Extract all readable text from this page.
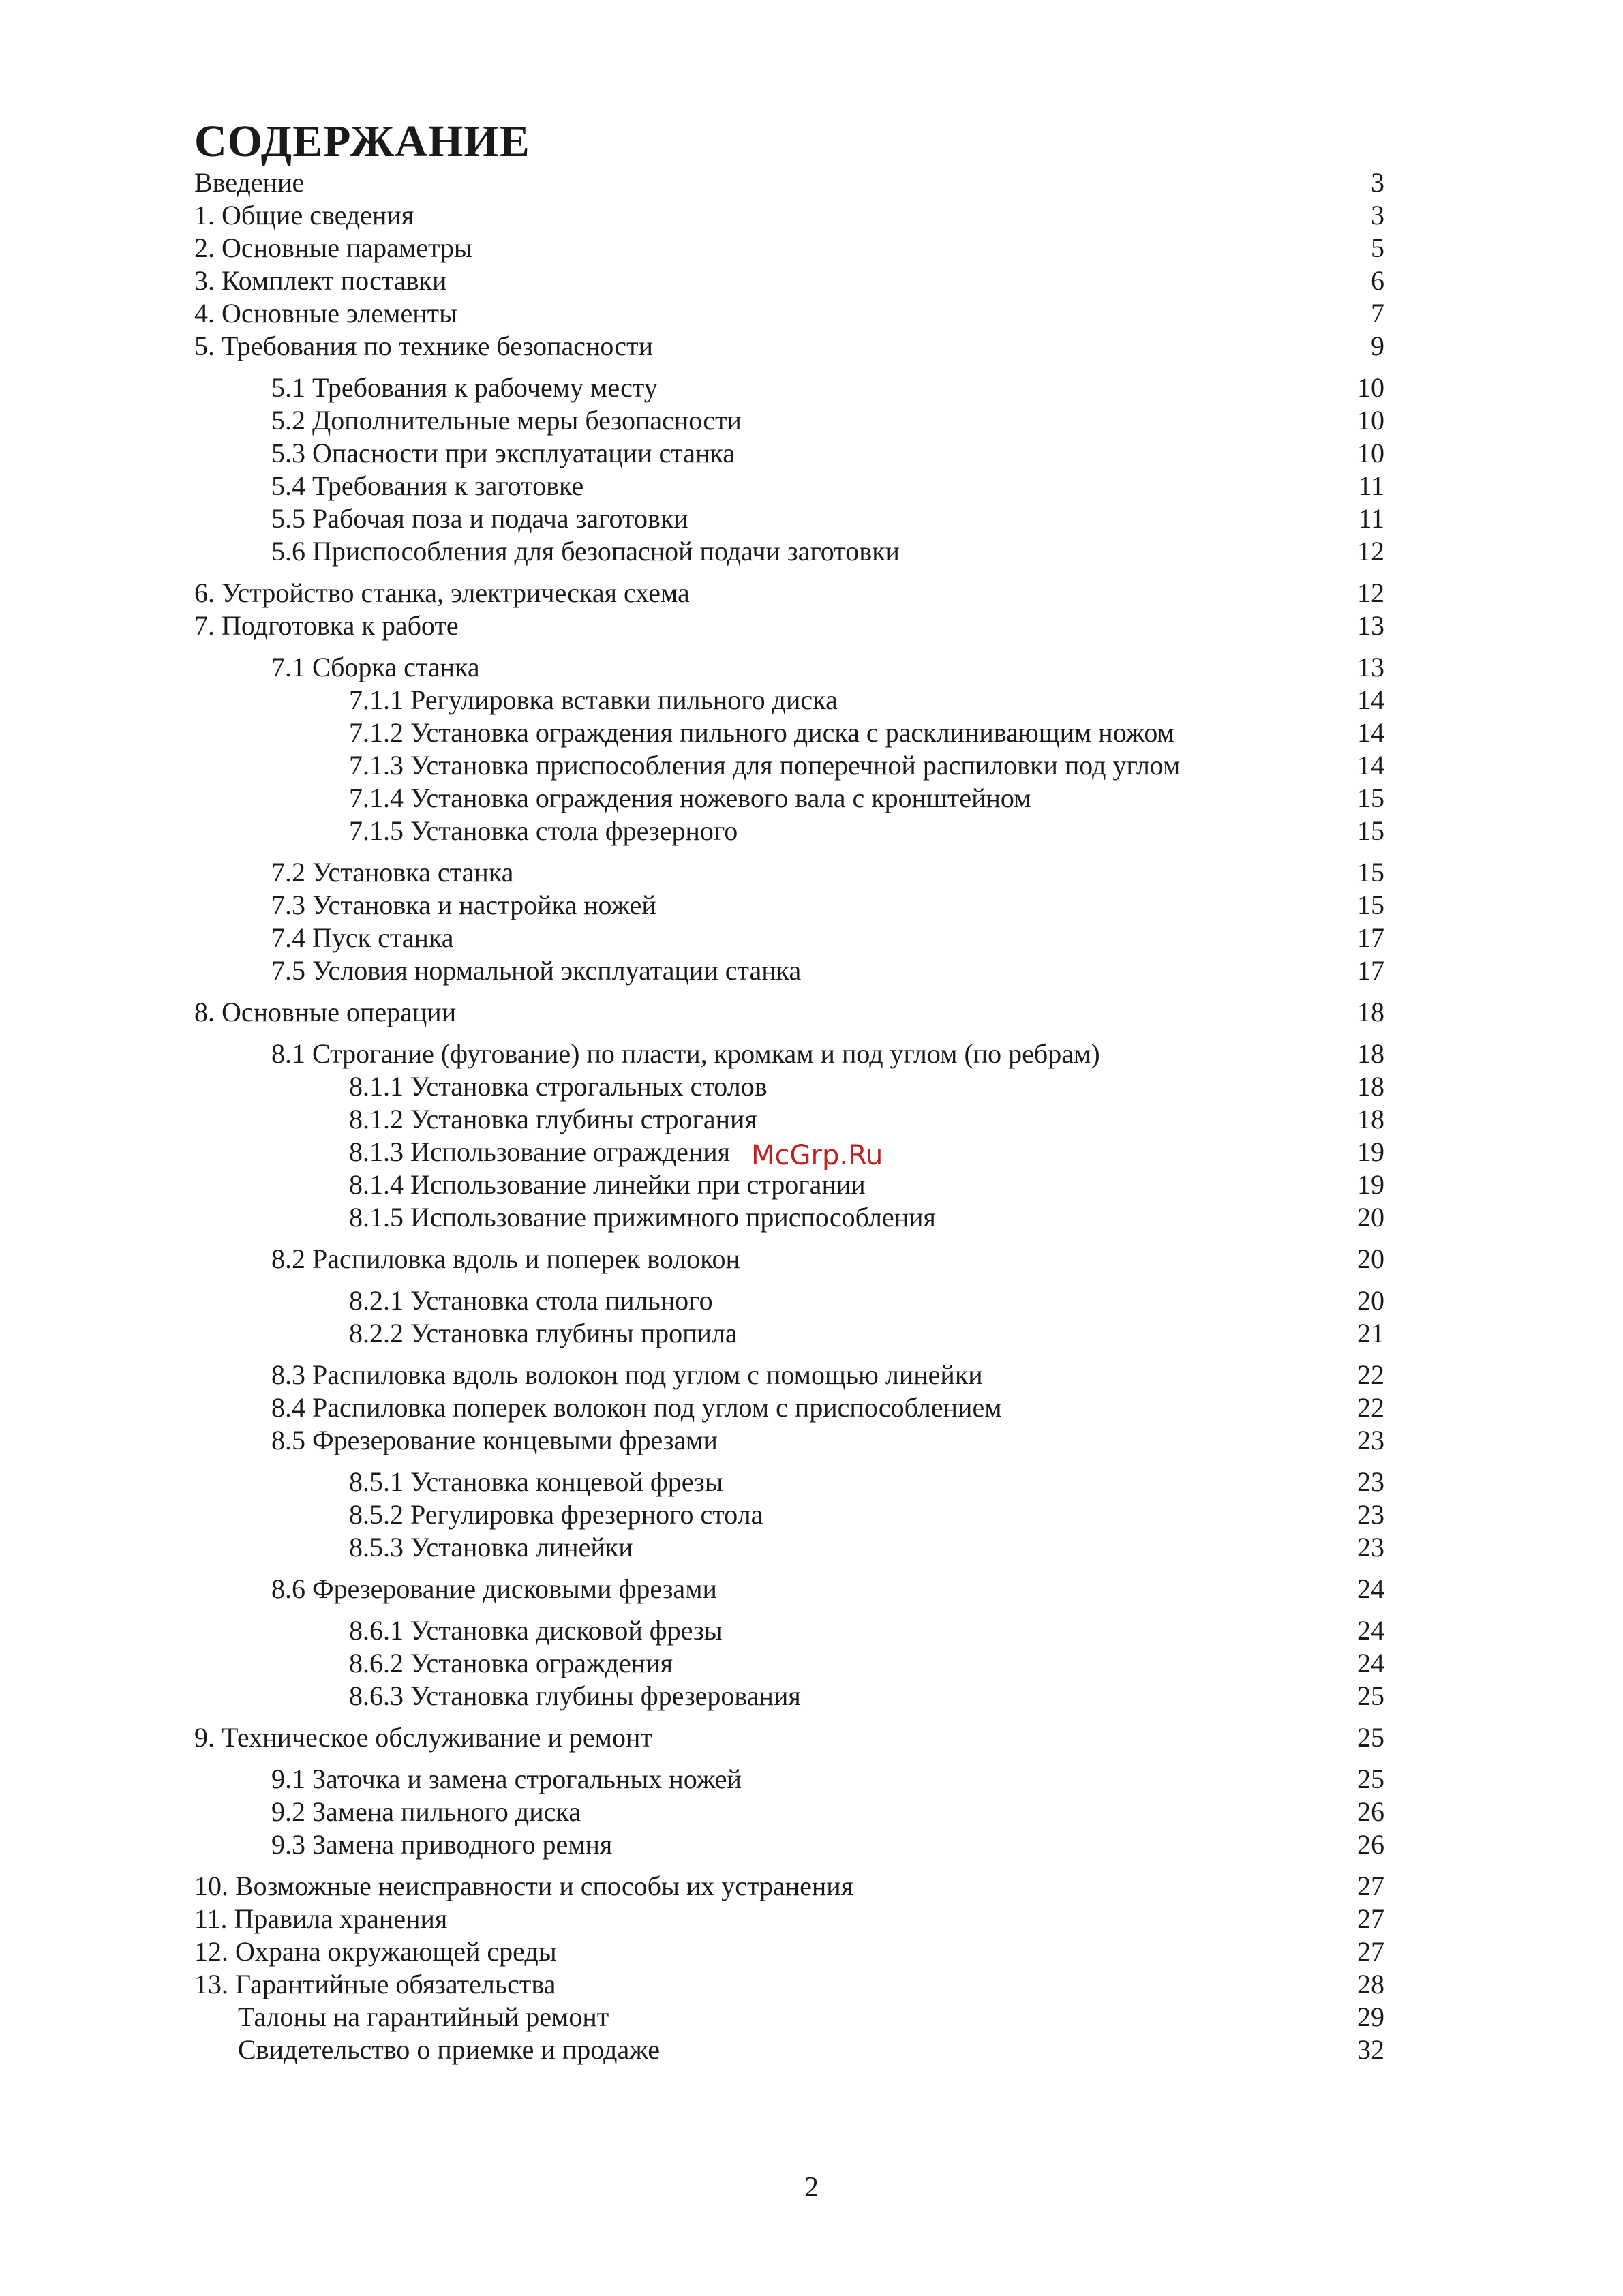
СОДЕРЖАНИЕ
Введение	3
1. Общие сведения	3
2. Основные параметры	5
3. Комплект поставки	6
4. Основные элементы	7
5. Требования по технике безопасности	9
5.1 Требования к рабочему месту	10
5.2 Дополнительные меры безопасности	10
5.3 Опасности при эксплуатации станка	10
5.4 Требования к заготовке	11
5.5 Рабочая поза и подача заготовки	11
5.6 Приспособления для безопасной подачи заготовки	12
6. Устройство станка, электрическая схема	12
7. Подготовка к работе	13
7.1 Сборка станка	13
7.1.1 Регулировка вставки пильного диска	14
7.1.2 Установка ограждения пильного диска с расклинивающим ножом	14
7.1.3 Установка приспособления для поперечной распиловки под углом	14
7.1.4 Установка ограждения ножевого вала с кронштейном	15
7.1.5 Установка стола фрезерного	15
7.2 Установка станка	15
7.3 Установка и настройка ножей	15
7.4 Пуск станка	17
7.5 Условия нормальной эксплуатации станка	17
8. Основные операции	18
8.1 Строгание (фугование) по пласти, кромкам и под углом (по ребрам)	18
8.1.1 Установка строгальных столов	18
8.1.2 Установка глубины строгания	18
8.1.3 Использование ограждения	19
8.1.4 Использование линейки при строгании	19
8.1.5 Использование прижимного приспособления	20
8.2 Распиловка вдоль и поперек волокон	20
8.2.1 Установка стола пильного	20
8.2.2 Установка глубины пропила	21
8.3 Распиловка вдоль волокон под углом с помощью линейки	22
8.4 Распиловка поперек волокон под углом с приспособлением	22
8.5 Фрезерование концевыми фрезами	23
8.5.1 Установка концевой фрезы	23
8.5.2 Регулировка фрезерного стола	23
8.5.3 Установка линейки	23
8.6 Фрезерование дисковыми фрезами	24
8.6.1 Установка дисковой фрезы	24
8.6.2 Установка ограждения	24
8.6.3 Установка глубины фрезерования	25
9. Техническое обслуживание и ремонт	25
9.1 Заточка и замена строгальных ножей	25
9.2 Замена пильного диска	26
9.3 Замена приводного ремня	26
10. Возможные неисправности и способы их устранения	27
11. Правила хранения	27
12. Охрана окружающей среды	27
13. Гарантийные обязательства	28
Талоны на гарантийный ремонт	29
Свидетельство о приемке и продаже	32
McGrp.Ru
2
